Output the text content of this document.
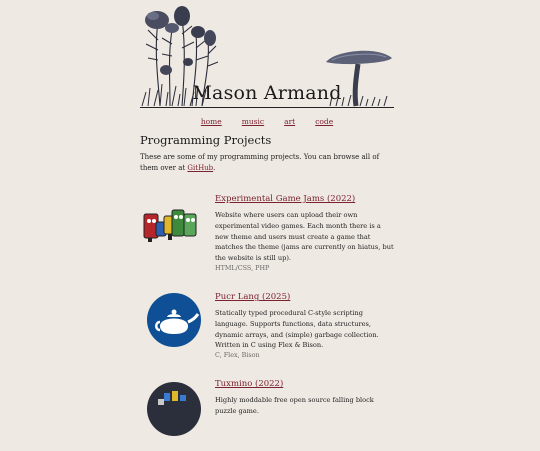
Mason Armand
home	music	art	code
Programming Projects
These are some of my programming projects. You can browse all of them over at GitHub.
Experimental Game Jams (2022)
Website where users can upload their own experimental video games. Each month there is a new theme and users must create a game that matches the theme (jams are currently on hiatus, but the website is still up).
HTML/CSS, PHP
Pucr Lang (2025)
Statically typed procedural C-style scripting language. Supports functions, data structures, dynamic arrays, and (simple) garbage collection. Written in C using Flex & Bison.
C, Flex, Bison
Tuxmino (2022)
Highly moddable free open source falling block puzzle game.
